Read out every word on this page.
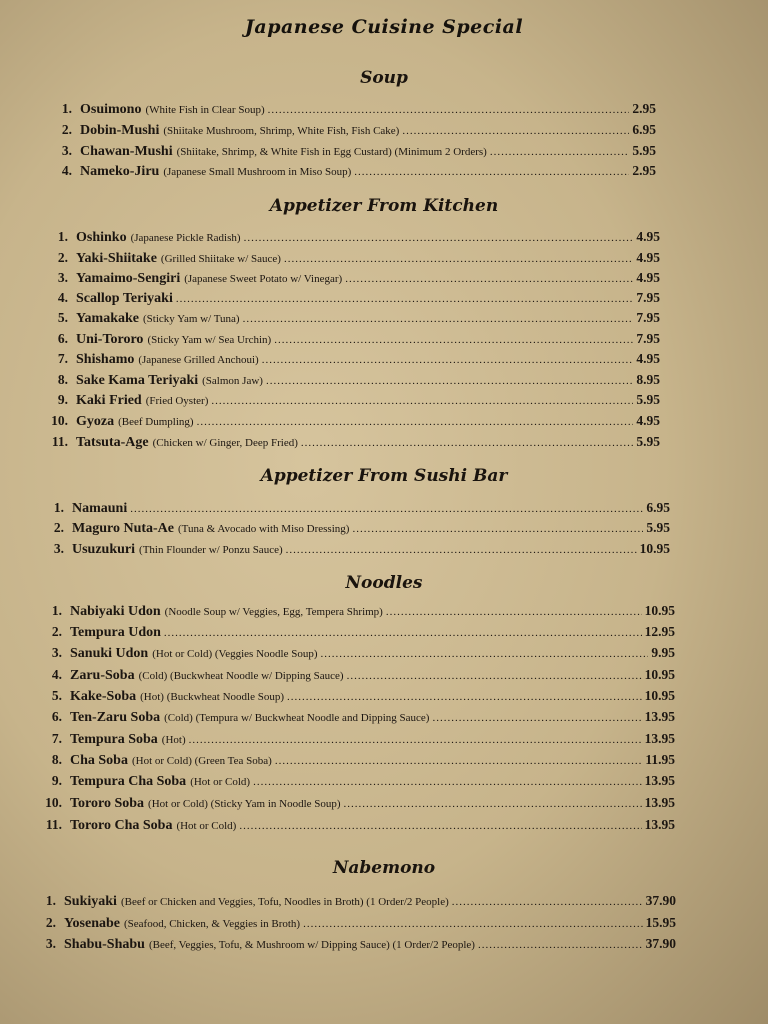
Japanese Cuisine Special
Soup
1. Osuimono (White Fish in Clear Soup) .....	2.95
2. Dobin-Mushi (Shiitake Mushroom, Shrimp, White Fish, Fish Cake) .....	6.95
3. Chawan-Mushi (Shiitake, Shrimp, & White Fish in Egg Custard) (Minimum 2 Orders) .....	5.95
4. Nameko-Jiru (Japanese Small Mushroom in Miso Soup) .....	2.95
Appetizer From Kitchen
1. Oshinko (Japanese Pickle Radish) .....	4.95
2. Yaki-Shiitake (Grilled Shiitake w/ Sauce) .....	4.95
3. Yamaimo-Sengiri (Japanese Sweet Potato w/ Vinegar) .....	4.95
4. Scallop Teriyaki .....	7.95
5. Yamakake (Sticky Yam w/ Tuna) .....	7.95
6. Uni-Tororo (Sticky Yam w/ Sea Urchin) .....	7.95
7. Shishamo (Japanese Grilled Anchoui) .....	4.95
8. Sake Kama Teriyaki (Salmon Jaw) .....	8.95
9. Kaki Fried (Fried Oyster) .....	5.95
10. Gyoza (Beef Dumpling) .....	4.95
11. Tatsuta-Age (Chicken w/ Ginger, Deep Fried) .....	5.95
Appetizer From Sushi Bar
1. Namauni .....	6.95
2. Maguro Nuta-Ae (Tuna & Avocado with Miso Dressing) .....	5.95
3. Usuzukuri (Thin Flounder w/ Ponzu Sauce) .....	10.95
Noodles
1. Nabiyaki Udon (Noodle Soup w/ Veggies, Egg, Tempera Shrimp) .....	10.95
2. Tempura Udon .....	12.95
3. Sanuki Udon (Hot or Cold) (Veggies Noodle Soup) .....	9.95
4. Zaru-Soba (Cold) (Buckwheat Noodle w/ Dipping Sauce) .....	10.95
5. Kake-Soba (Hot) (Buckwheat Noodle Soup) .....	10.95
6. Ten-Zaru Soba (Cold) (Tempura w/ Buckwheat Noodle and Dipping Sauce) .....	13.95
7. Tempura Soba (Hot) .....	13.95
8. Cha Soba (Hot or Cold) (Green Tea Soba) .....	11.95
9. Tempura Cha Soba (Hot or Cold) .....	13.95
10. Tororo Soba (Hot or Cold) (Sticky Yam in Noodle Soup) .....	13.95
11. Tororo Cha Soba (Hot or Cold) .....	13.95
Nabemono
1. Sukiyaki (Beef or Chicken and Veggies, Tofu, Noodles in Broth) (1 Order/2 People) .....	37.90
2. Yosenabe (Seafood, Chicken, & Veggies in Broth) .....	15.95
3. Shabu-Shabu (Beef, Veggies, Tofu, & Mushroom w/ Dipping Sauce) (1 Order/2 People) .....	37.90
